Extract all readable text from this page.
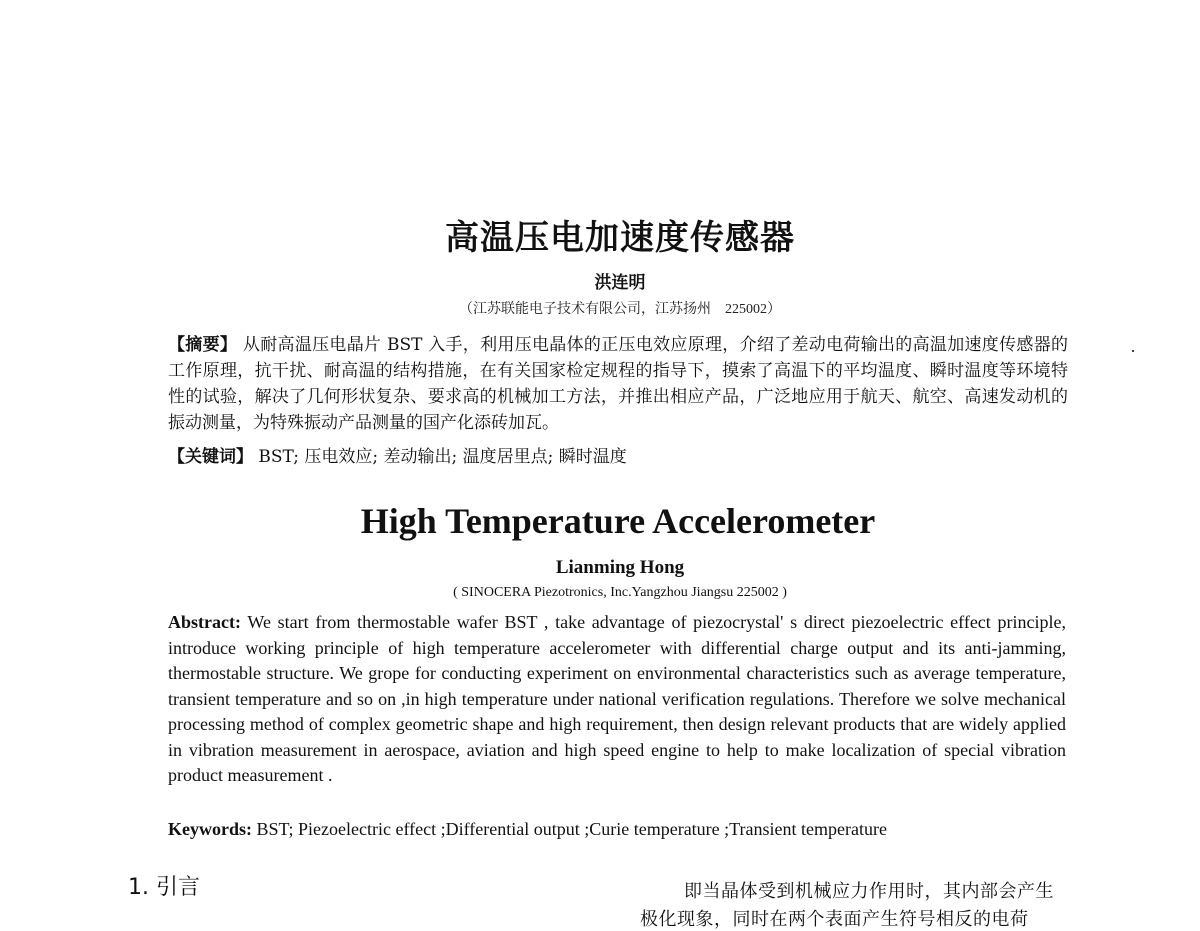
高温压电加速度传感器
洪连明
（江苏联能电子技术有限公司，江苏扬州　225002）
【摘要】 从耐高温压电晶片 BST 入手，利用压电晶体的正压电效应原理，介绍了差动电荷输出的高温加速度传感器的工作原理，抗干扰、耐高温的结构措施，在有关国家检定规程的指导下，摸索了高温下的平均温度、瞬时温度等环境特性的试验，解决了几何形状复杂、要求高的机械加工方法，并推出相应产品，广泛地应用于航天、航空、高速发动机的振动测量，为特殊振动产品测量的国产化添砖加瓦。
【关键词】 BST; 压电效应; 差动输出; 温度居里点; 瞬时温度
High Temperature Accelerometer
Lianming Hong
( SINOCERA Piezotronics, Inc.Yangzhou Jiangsu 225002 )
Abstract: We start from thermostable wafer BST , take advantage of piezocrystal' s direct piezoelectric effect principle, introduce working principle of high temperature accelerometer with differential charge output and its anti-jamming, thermostable structure. We grope for conducting experiment on environmental characteristics such as average temperature, transient temperature and so on ,in high temperature under national verification regulations. Therefore we solve mechanical processing method of complex geometric shape and high requirement, then design relevant products that are widely applied in vibration measurement in aerospace, aviation and high speed engine to help to make localization of special vibration product measurement .
Keywords: BST; Piezoelectric effect ;Differential output ;Curie temperature ;Transient temperature
1. 引言	即当晶体受到机械应力作用时，其内部会产生
极化现象，同时在两个表面产生符号相反的电荷
